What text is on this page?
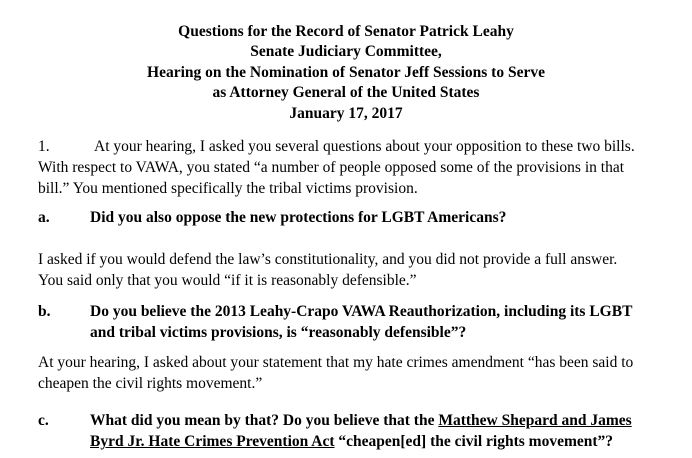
Questions for the Record of Senator Patrick Leahy
Senate Judiciary Committee,
Hearing on the Nomination of Senator Jeff Sessions to Serve
as Attorney General of the United States
January 17, 2017
1.	At your hearing, I asked you several questions about your opposition to these two bills.
With respect to VAWA, you stated “a number of people opposed some of the provisions in that
bill.” You mentioned specifically the tribal victims provision.
a.	Did you also oppose the new protections for LGBT Americans?
I asked if you would defend the law’s constitutionality, and you did not provide a full answer.
You said only that you would “if it is reasonably defensible.”
b.	Do you believe the 2013 Leahy-Crapo VAWA Reauthorization, including its LGBT
and tribal victims provisions, is “reasonably defensible”?
At your hearing, I asked about your statement that my hate crimes amendment “has been said to
cheapen the civil rights movement.”
c.	What did you mean by that? Do you believe that the Matthew Shepard and James
Byrd Jr. Hate Crimes Prevention Act “cheapen[ed] the civil rights movement”?
